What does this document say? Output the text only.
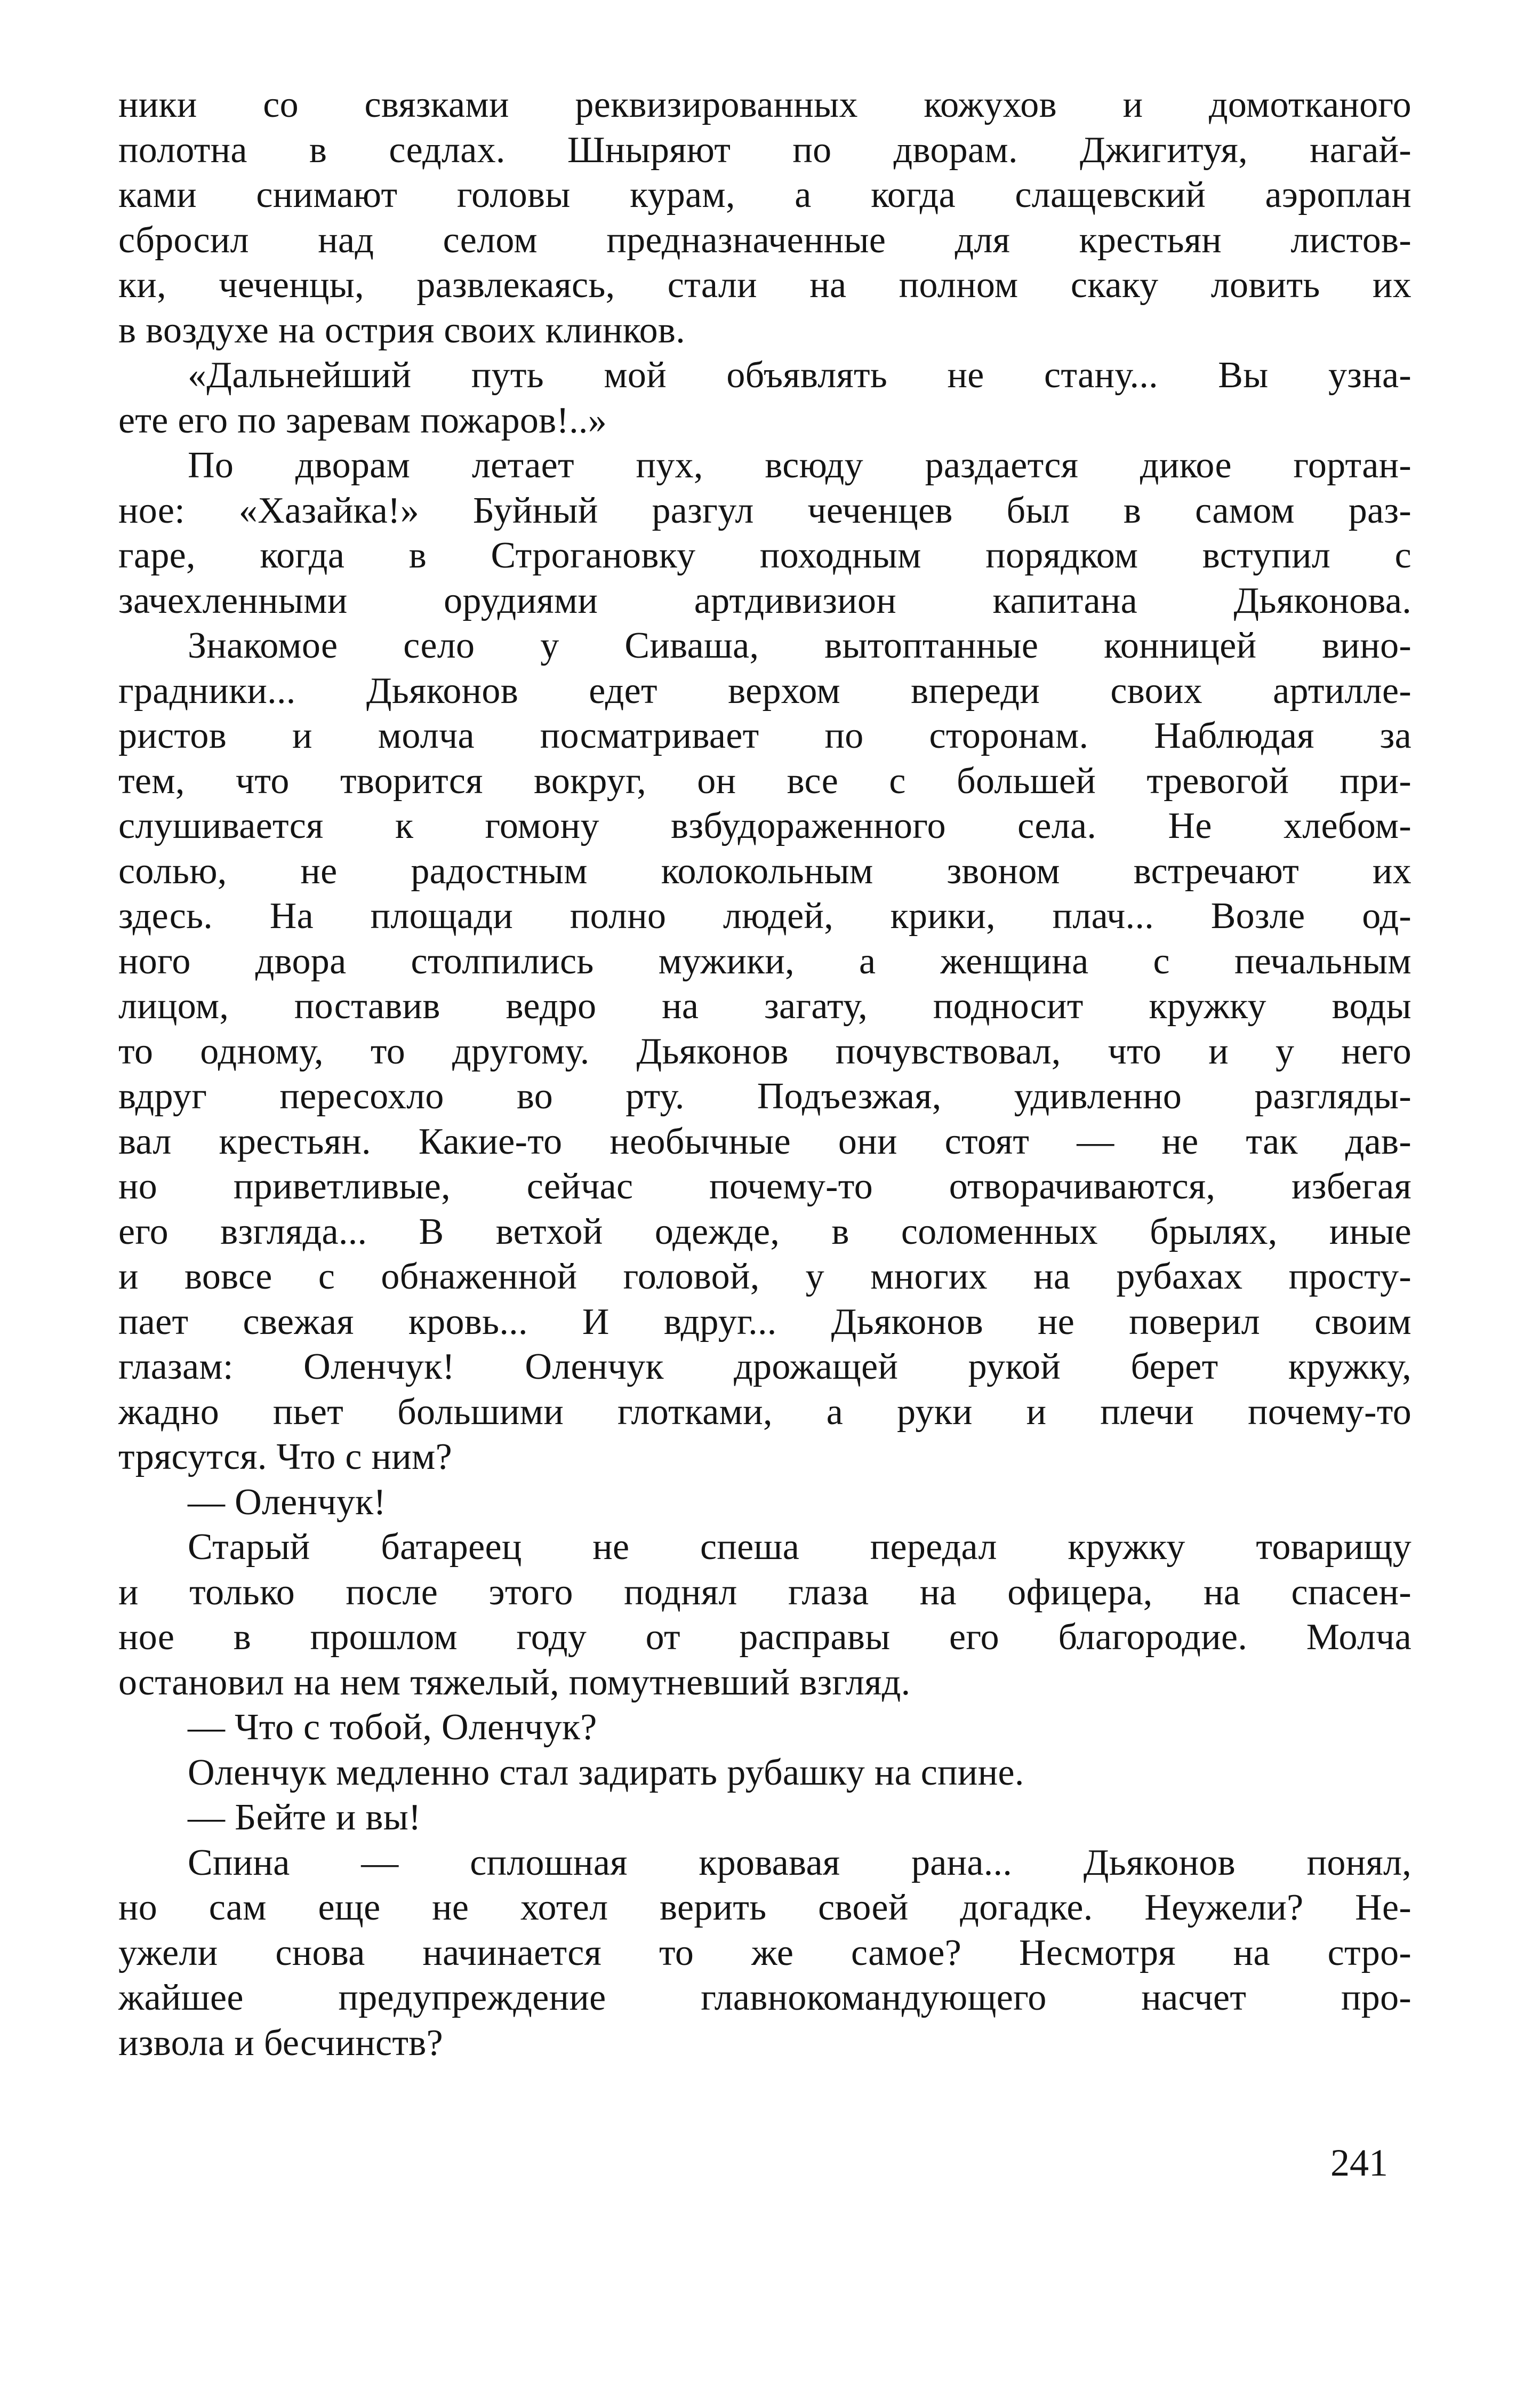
ники со связками реквизированных кожухов и домотканого
полотна в седлах. Шныряют по дворам. Джигитуя, нагай-
ками снимают головы курам, а когда слащевский аэроплан
сбросил над селом предназначенные для крестьян листов-
ки, чеченцы, развлекаясь, стали на полном скаку ловить их
в воздухе на острия своих клинков.
«Дальнейший путь мой объявлять не стану... Вы узна-
ете его по заревам пожаров!..»
По дворам летает пух, всюду раздается дикое гортан-
ное: «Хазайка!» Буйный разгул чеченцев был в самом раз-
гаре, когда в Строгановку походным порядком вступил с
зачехленными орудиями артдивизион капитана Дьяконова.
Знакомое село у Сиваша, вытоптанные конницей вино-
градники... Дьяконов едет верхом впереди своих артилле-
ристов и молча посматривает по сторонам. Наблюдая за
тем, что творится вокруг, он все с большей тревогой при-
слушивается к гомону взбудораженного села. Не хлебом-
солью, не радостным колокольным звоном встречают их
здесь. На площади полно людей, крики, плач... Возле од-
ного двора столпились мужики, а женщина с печальным
лицом, поставив ведро на загату, подносит кружку воды
то одному, то другому. Дьяконов почувствовал, что и у него
вдруг пересохло во рту. Подъезжая, удивленно разгляды-
вал крестьян. Какие-то необычные они стоят — не так дав-
но приветливые, сейчас почему-то отворачиваются, избегая
его взгляда... В ветхой одежде, в соломенных брылях, иные
и вовсе с обнаженной головой, у многих на рубахах просту-
пает свежая кровь... И вдруг... Дьяконов не поверил своим
глазам: Оленчук! Оленчук дрожащей рукой берет кружку,
жадно пьет большими глотками, а руки и плечи почему-то
трясутся. Что с ним?
— Оленчук!
Старый батареец не спеша передал кружку товарищу
и только после этого поднял глаза на офицера, на спасен-
ное в прошлом году от расправы его благородие. Молча
остановил на нем тяжелый, помутневший взгляд.
— Что с тобой, Оленчук?
Оленчук медленно стал задирать рубашку на спине.
— Бейте и вы!
Спина — сплошная кровавая рана... Дьяконов понял,
но сам еще не хотел верить своей догадке. Неужели? Не-
ужели снова начинается то же самое? Несмотря на стро-
жайшее предупреждение главнокомандующего насчет про-
извола и бесчинств?
241
